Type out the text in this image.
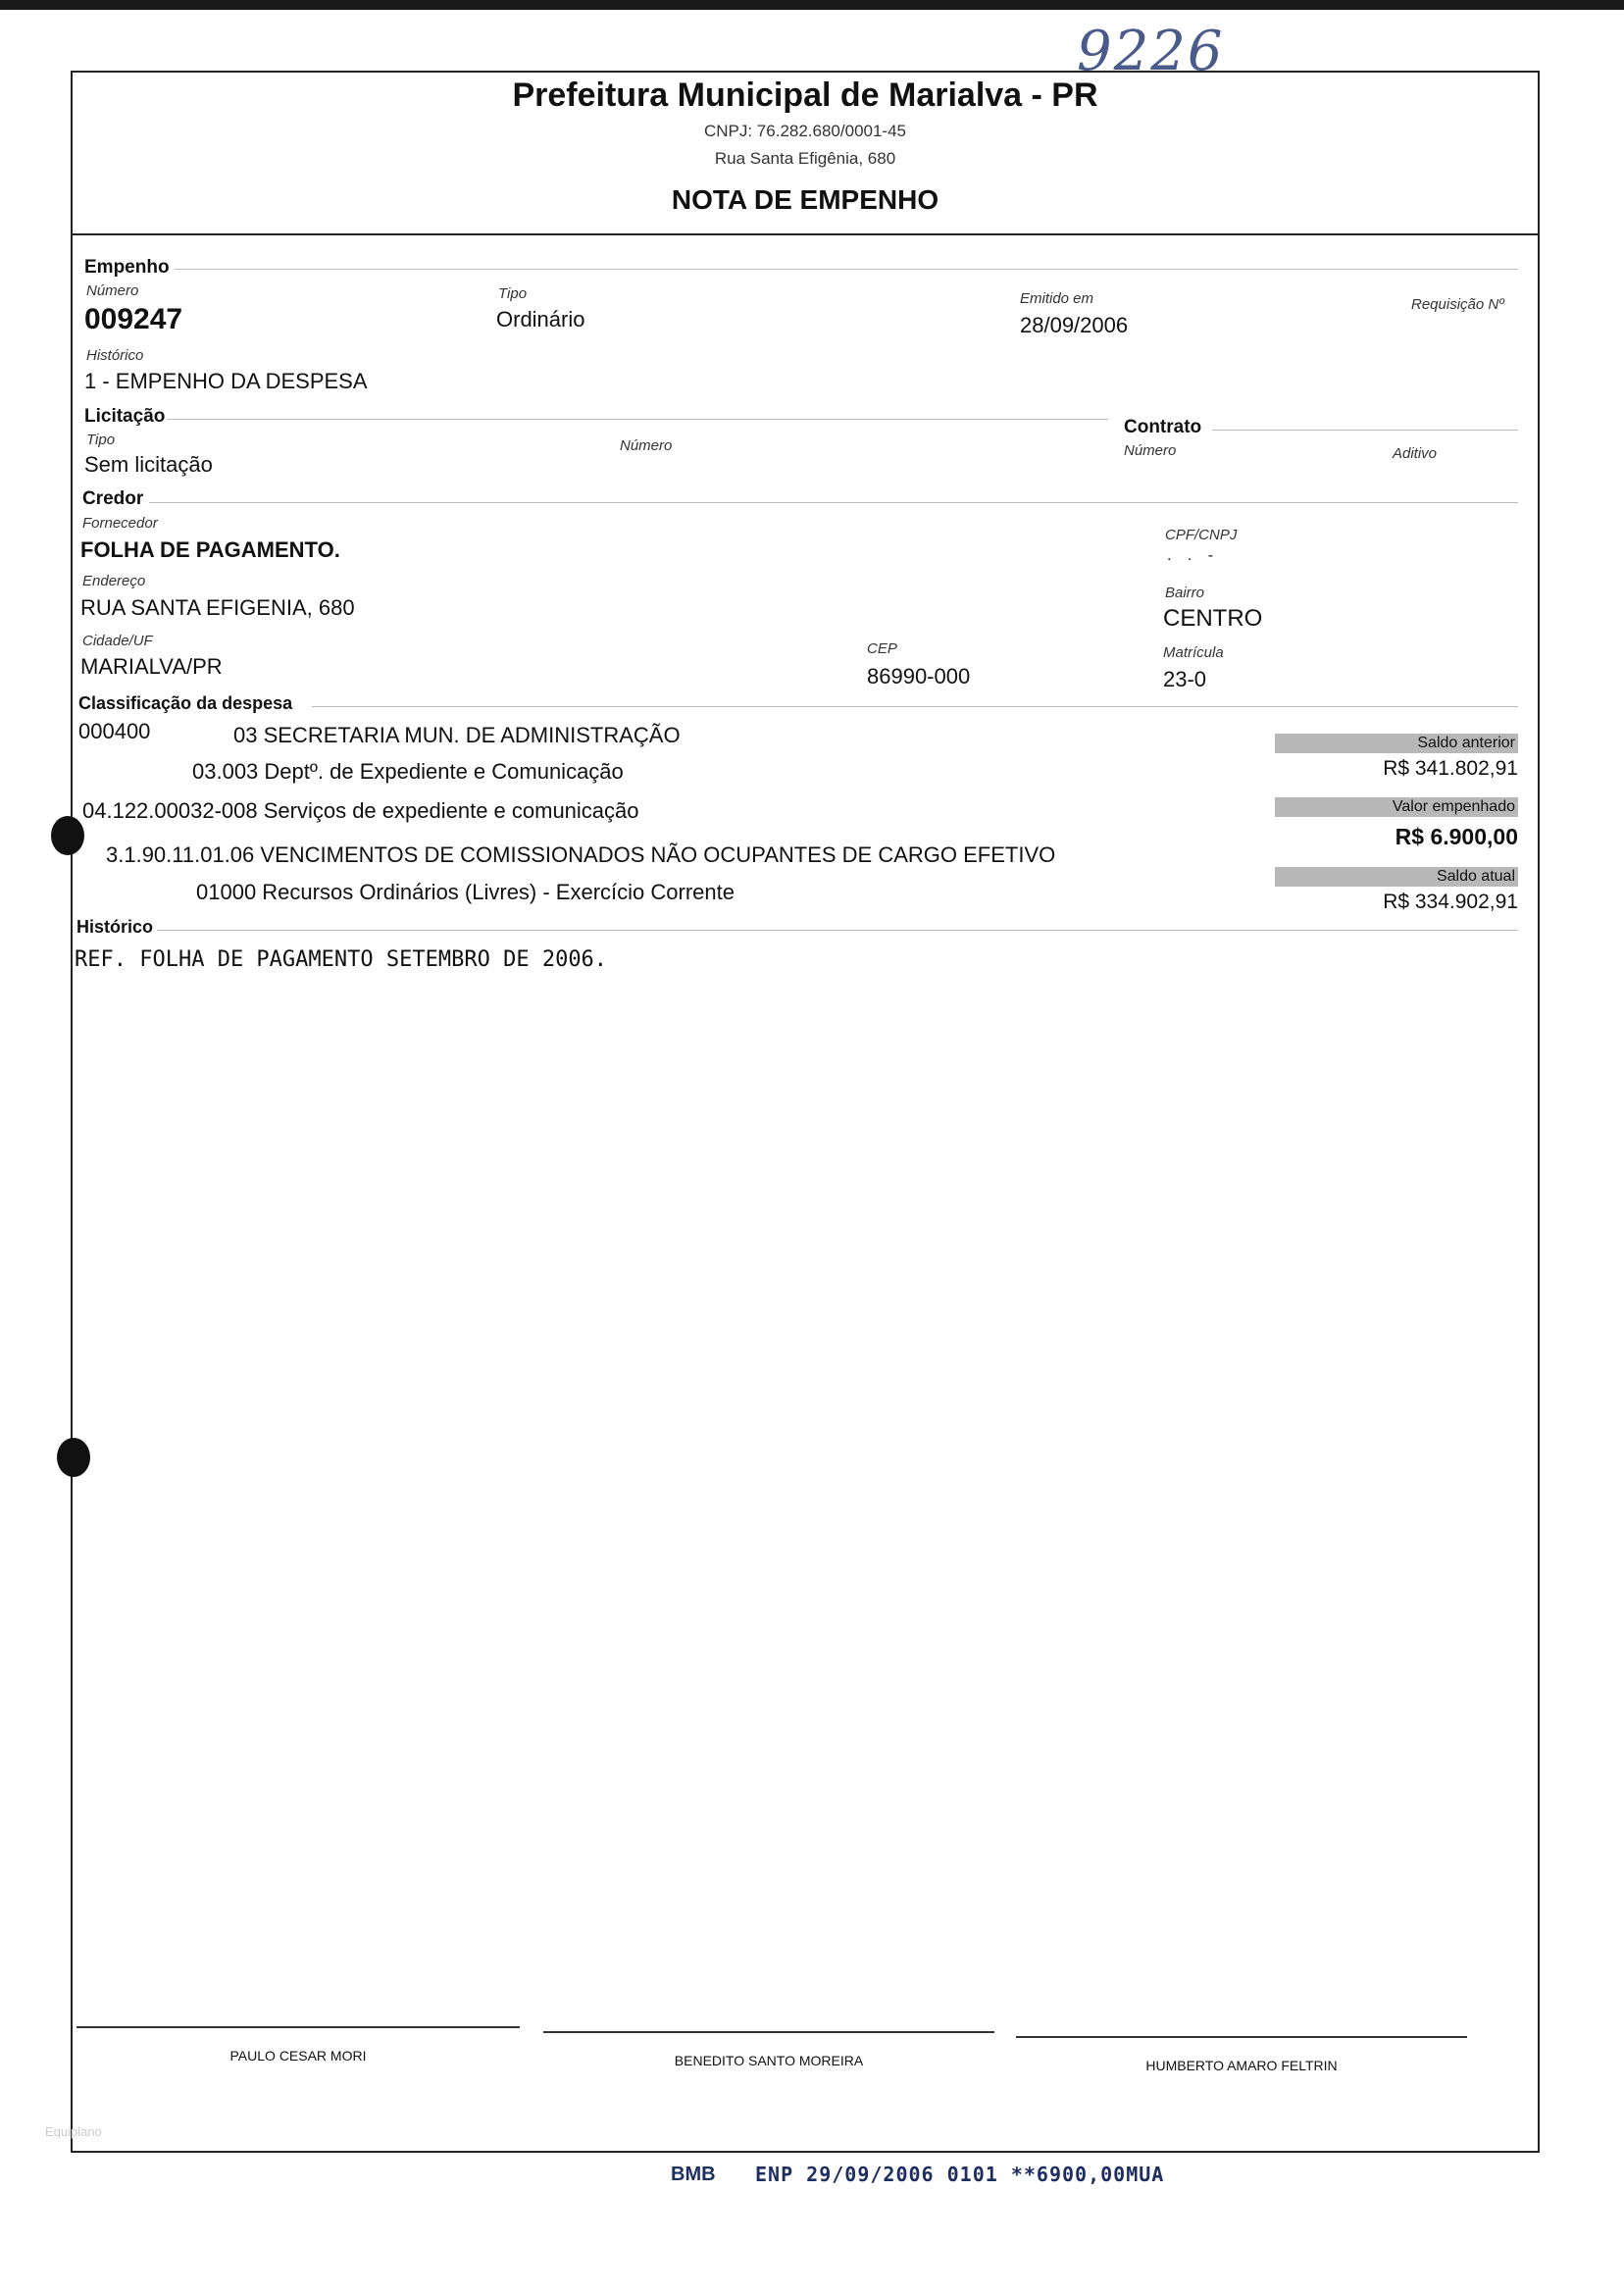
9226
Prefeitura Municipal de Marialva - PR
CNPJ: 76.282.680/0001-45
Rua Santa Efigênia, 680
NOTA DE EMPENHO
Empenho
Número
009247
Tipo
Ordinário
Emitido em
28/09/2006
Requisição Nº
Histórico
1 - EMPENHO DA DESPESA
Licitação
Tipo
Sem licitação
Número
Contrato
Número	Aditivo
Credor
Fornecedor
FOLHA DE PAGAMENTO.
CPF/CNPJ
. . -
Endereço
RUA SANTA EFIGENIA, 680
Bairro
CENTRO
Cidade/UF
MARIALVA/PR
CEP
86990-000
Matrícula
23-0
Classificação da despesa
000400	03 SECRETARIA MUN. DE ADMINISTRAÇÃO
03.003 Deptº. de Expediente e Comunicação
04.122.00032-008 Serviços de expediente e comunicação
3.1.90.11.01.06 VENCIMENTOS DE COMISSIONADOS NÃO OCUPANTES DE CARGO EFETIVO
01000 Recursos Ordinários (Livres) - Exercício Corrente
Saldo anterior
R$ 341.802,91
Valor empenhado
R$ 6.900,00
Saldo atual
R$ 334.902,91
Histórico
REF. FOLHA DE PAGAMENTO SETEMBRO DE 2006.
PAULO CESAR MORI	BENEDITO SANTO MOREIRA	HUMBERTO AMARO FELTRIN
Equiplano
BMB ENP 29/09/2006 0101 **6900,00MUA
